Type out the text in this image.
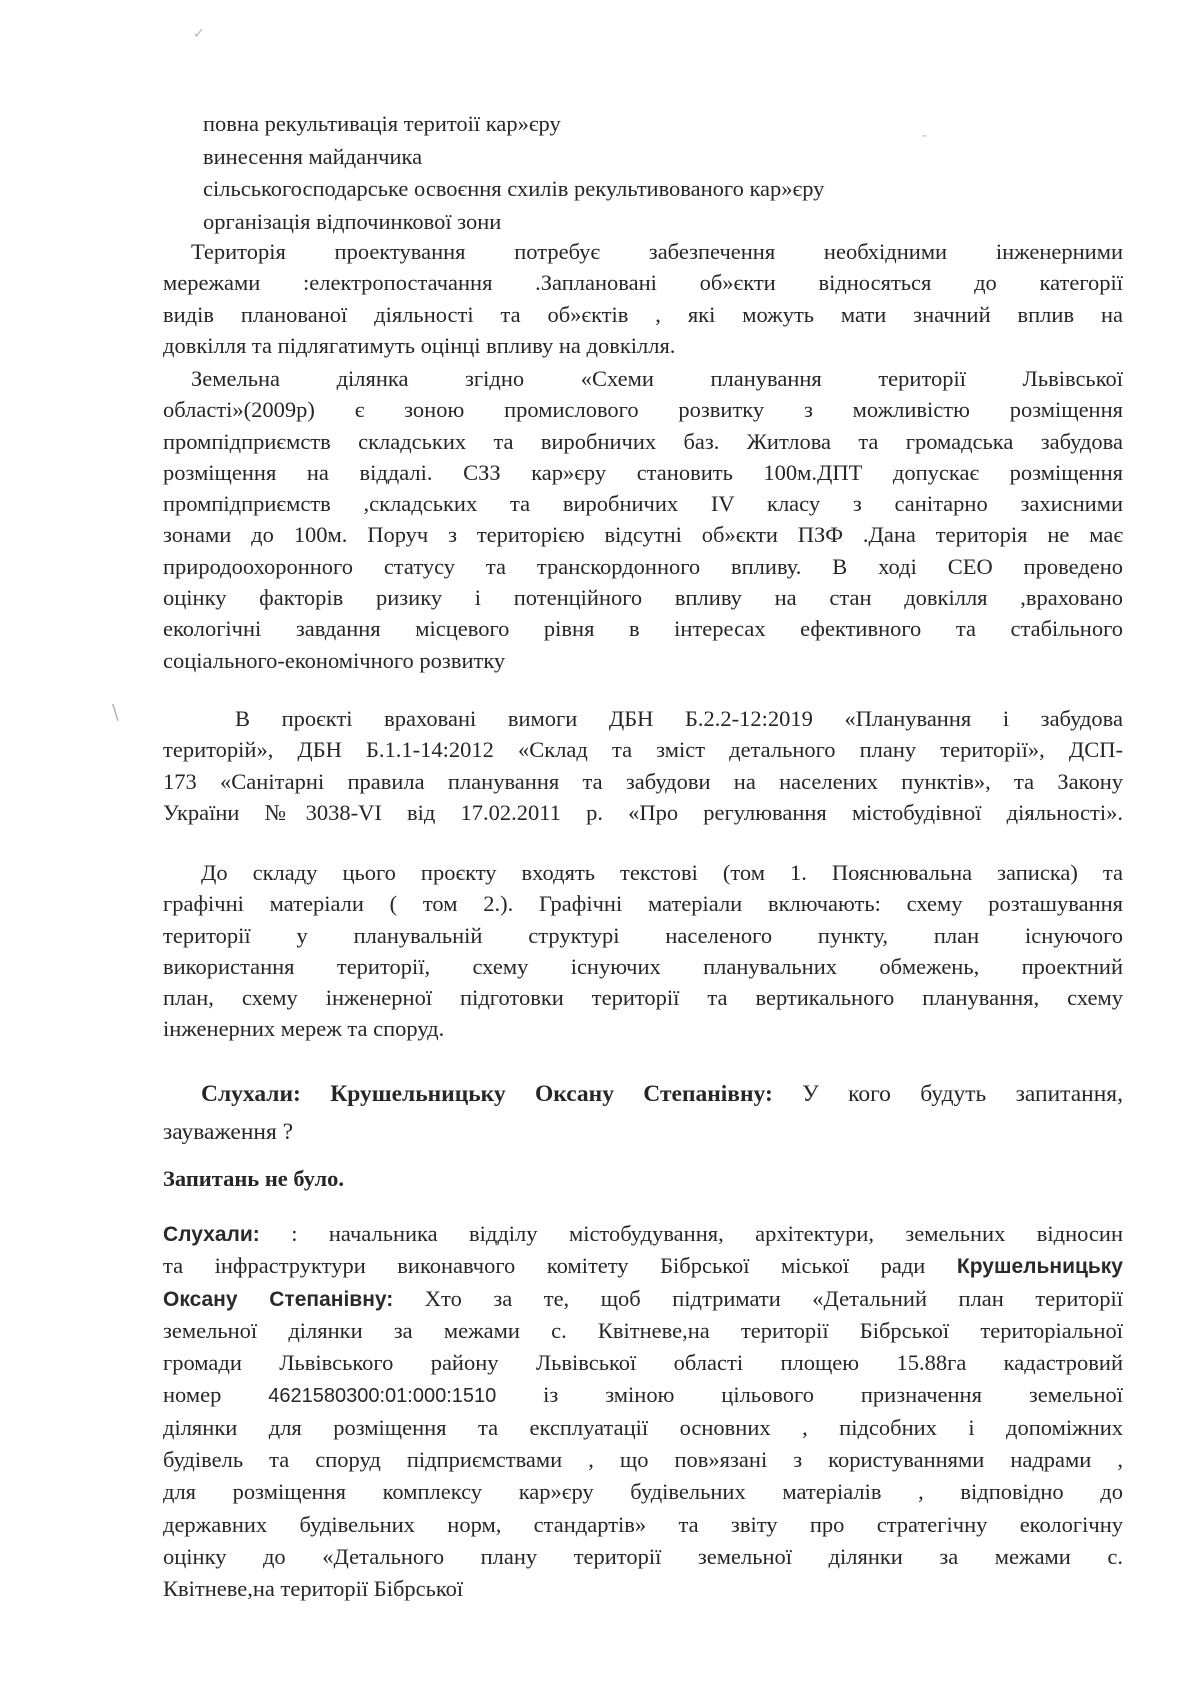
✓
-
\
повна рекультивація теритоії кар»єру
винесення майданчика
сільськогосподарське освоєння схилів рекультивованого кар»єру
організація відпочинкової зони
Територія проектування потребує забезпечення необхідними інженерними
мережами :електропостачання .Заплановані об»єкти відносяться до категорії
видів планованої діяльності та об»єктів , які можуть мати значний вплив на
довкілля та підлягатимуть оцінці впливу на довкілля.
Земельна ділянка згідно «Схеми планування території Львівської
області»(2009р) є зоною промислового розвитку з можливістю розміщення
промпідприємств складських та виробничих баз. Житлова та громадська забудова
розміщення на віддалі. СЗЗ кар»єру становить 100м.ДПТ допускає розміщення
промпідприємств ,складських та виробничих IV класу з санітарно захисними
зонами до 100м. Поруч з територією відсутні об»єкти ПЗФ .Дана територія не має
природоохоронного статусу та транскордонного впливу. В ході СЕО проведено
оцінку факторів ризику і потенційного впливу на стан довкілля ,враховано
екологічні завдання місцевого рівня в інтересах ефективного та стабільного
соціального-економічного розвитку
В проєкті враховані вимоги ДБН Б.2.2-12:2019 «Планування і забудова
територій», ДБН Б.1.1-14:2012 «Склад та зміст детального плану території», ДСП-
173 «Санітарні правила планування та забудови на населених пунктів», та Закону
України №3038-VI від 17.02.2011 р. «Про регулювання містобудівної діяльності».
До складу цього проєкту входять текстові (том 1. Пояснювальна записка) та
графічні матеріали ( том 2.). Графічні матеріали включають: схему розташування
території у планувальній структурі населеного пункту, план існуючого
використання території, схему існуючих планувальних обмежень, проектний
план, схему інженерної підготовки території та вертикального планування, схему
інженерних мереж та споруд.
Слухали: Крушельницьку Оксану Степанівну: У кого будуть запитання,
зауваження ?
Запитань не було.
Слухали: : начальника відділу містобудування, архітектури, земельних відносин
та інфраструктури виконавчого комітету Бібрської міської ради Крушельницьку
Оксану Степанівну: Хто за те, щоб підтримати «Детальний план території
земельної ділянки за межами с. Квітневе,на території Бібрської територіальної
громади Львівського району Львівської області площею 15.88га кадастровий
номер 4621580300:01:000:1510 із зміною цільового призначення земельної
ділянки для розміщення та експлуатації основних , підсобних і допоміжних
будівель та споруд підприємствами , що пов»язані з користуваннями надрами ,
для розміщення комплексу кар»єру будівельних матеріалів , відповідно до
державних будівельних норм, стандартів» та звіту про стратегічну екологічну
оцінку до «Детального плану території земельної ділянки за межами с.
Квітневе,на території Бібрської
